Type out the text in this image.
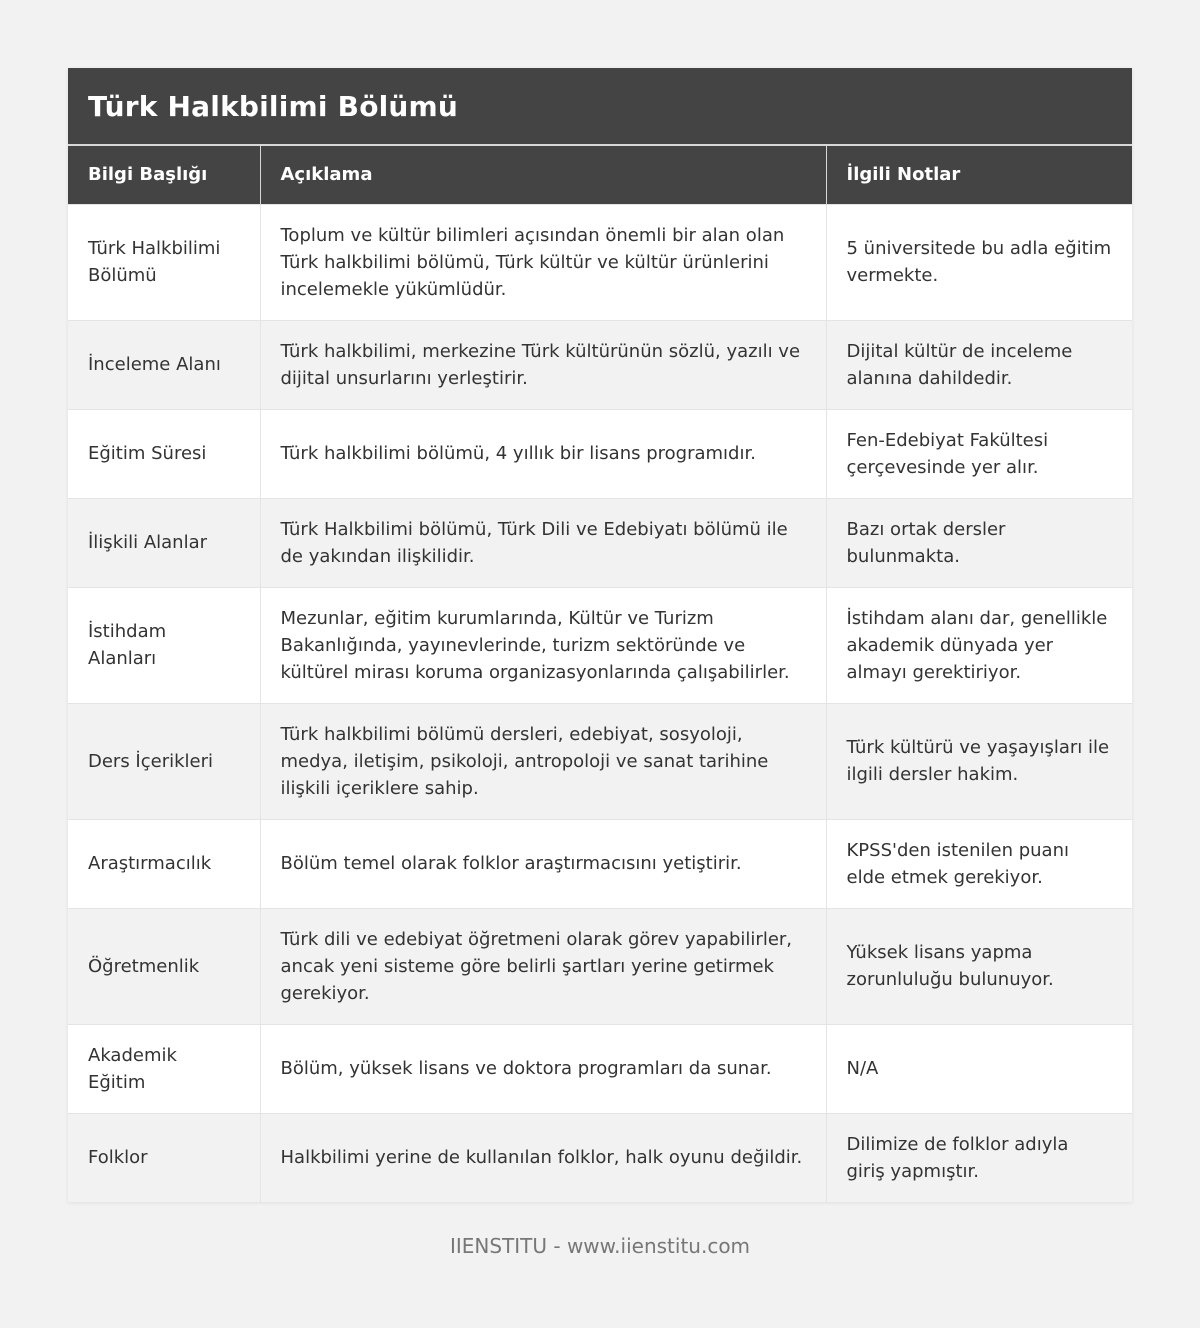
Türk Halkbilimi Bölümü
Bilgi Başlığı	Açıklama	İlgili Notlar
Türk Halkbilimi Bölümü	Toplum ve kültür bilimleri açısından önemli bir alan olan Türk halkbilimi bölümü, Türk kültür ve kültür ürünlerini incelemekle yükümlüdür.	5 üniversitede bu adla eğitim vermekte.
İnceleme Alanı	Türk halkbilimi, merkezine Türk kültürünün sözlü, yazılı ve dijital unsurlarını yerleştirir.	Dijital kültür de inceleme alanına dahildedir.
Eğitim Süresi	Türk halkbilimi bölümü, 4 yıllık bir lisans programıdır.	Fen-Edebiyat Fakültesi çerçevesinde yer alır.
İlişkili Alanlar	Türk Halkbilimi bölümü, Türk Dili ve Edebiyatı bölümü ile de yakından ilişkilidir.	Bazı ortak dersler bulunmakta.
İstihdam Alanları	Mezunlar, eğitim kurumlarında, Kültür ve Turizm Bakanlığında, yayınevlerinde, turizm sektöründe ve kültürel mirası koruma organizasyonlarında çalışabilirler.	İstihdam alanı dar, genellikle akademik dünyada yer almayı gerektiriyor.
Ders İçerikleri	Türk halkbilimi bölümü dersleri, edebiyat, sosyoloji, medya, iletişim, psikoloji, antropoloji ve sanat tarihine ilişkili içeriklere sahip.	Türk kültürü ve yaşayışları ile ilgili dersler hakim.
Araştırmacılık	Bölüm temel olarak folklor araştırmacısını yetiştirir.	KPSS'den istenilen puanı elde etmek gerekiyor.
Öğretmenlik	Türk dili ve edebiyat öğretmeni olarak görev yapabilirler, ancak yeni sisteme göre belirli şartları yerine getirmek gerekiyor.	Yüksek lisans yapma zorunluluğu bulunuyor.
Akademik Eğitim	Bölüm, yüksek lisans ve doktora programları da sunar.	N/A
Folklor	Halkbilimi yerine de kullanılan folklor, halk oyunu değildir.	Dilimize de folklor adıyla giriş yapmıştır.
IIENSTITU - www.iienstitu.com
